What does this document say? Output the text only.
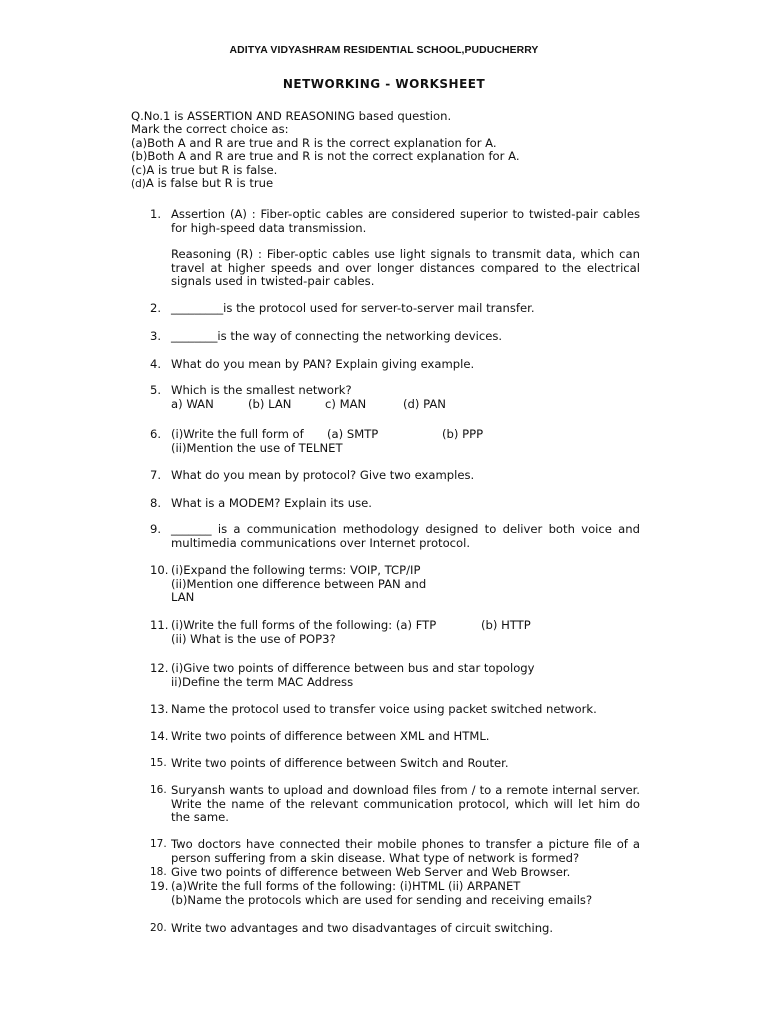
ADITYA VIDYASHRAM RESIDENTIAL SCHOOL,PUDUCHERRY
NETWORKING - WORKSHEET
Q.No.1 is ASSERTION AND REASONING based question.
Mark the correct choice as:
(a)Both A and R are true and R is the correct explanation for A.
(b)Both A and R are true and R is not the correct explanation for A.
(c)A is true but R is false.
(d)A is false but R is true
1. Assertion (A) : Fiber-optic cables are considered superior to twisted-pair cables for high-speed data transmission.
Reasoning (R) : Fiber-optic cables use light signals to transmit data, which can travel at higher speeds and over longer distances compared to the electrical signals used in twisted-pair cables.
2. _________is the protocol used for server-to-server mail transfer.
3. ________is the way of connecting the networking devices.
4. What do you mean by PAN? Explain giving example.
5. Which is the smallest network?
a) WAN	(b) LAN	c) MAN	(d) PAN
6. (i)Write the full form of (a) SMTP	(b) PPP
(ii)Mention the use of TELNET
7. What do you mean by protocol? Give two examples.
8. What is a MODEM? Explain its use.
9. _______ is a communication methodology designed to deliver both voice and multimedia communications over Internet protocol.
10. (i)Expand the following terms: VOIP, TCP/IP
(ii)Mention one difference between PAN and
LAN
11. (i)Write the full forms of the following: (a) FTP	(b) HTTP
(ii) What is the use of POP3?
12. (i)Give two points of difference between bus and star topology
ii)Define the term MAC Address
13. Name the protocol used to transfer voice using packet switched network.
14. Write two points of difference between XML and HTML.
15. Write two points of difference between Switch and Router.
16. Suryansh wants to upload and download files from / to a remote internal server. Write the name of the relevant communication protocol, which will let him do the same.
17. Two doctors have connected their mobile phones to transfer a picture file of a person suffering from a skin disease. What type of network is formed?
18. Give two points of difference between Web Server and Web Browser.
19. (a)Write the full forms of the following: (i)HTML (ii) ARPANET
(b)Name the protocols which are used for sending and receiving emails?
20. Write two advantages and two disadvantages of circuit switching.
